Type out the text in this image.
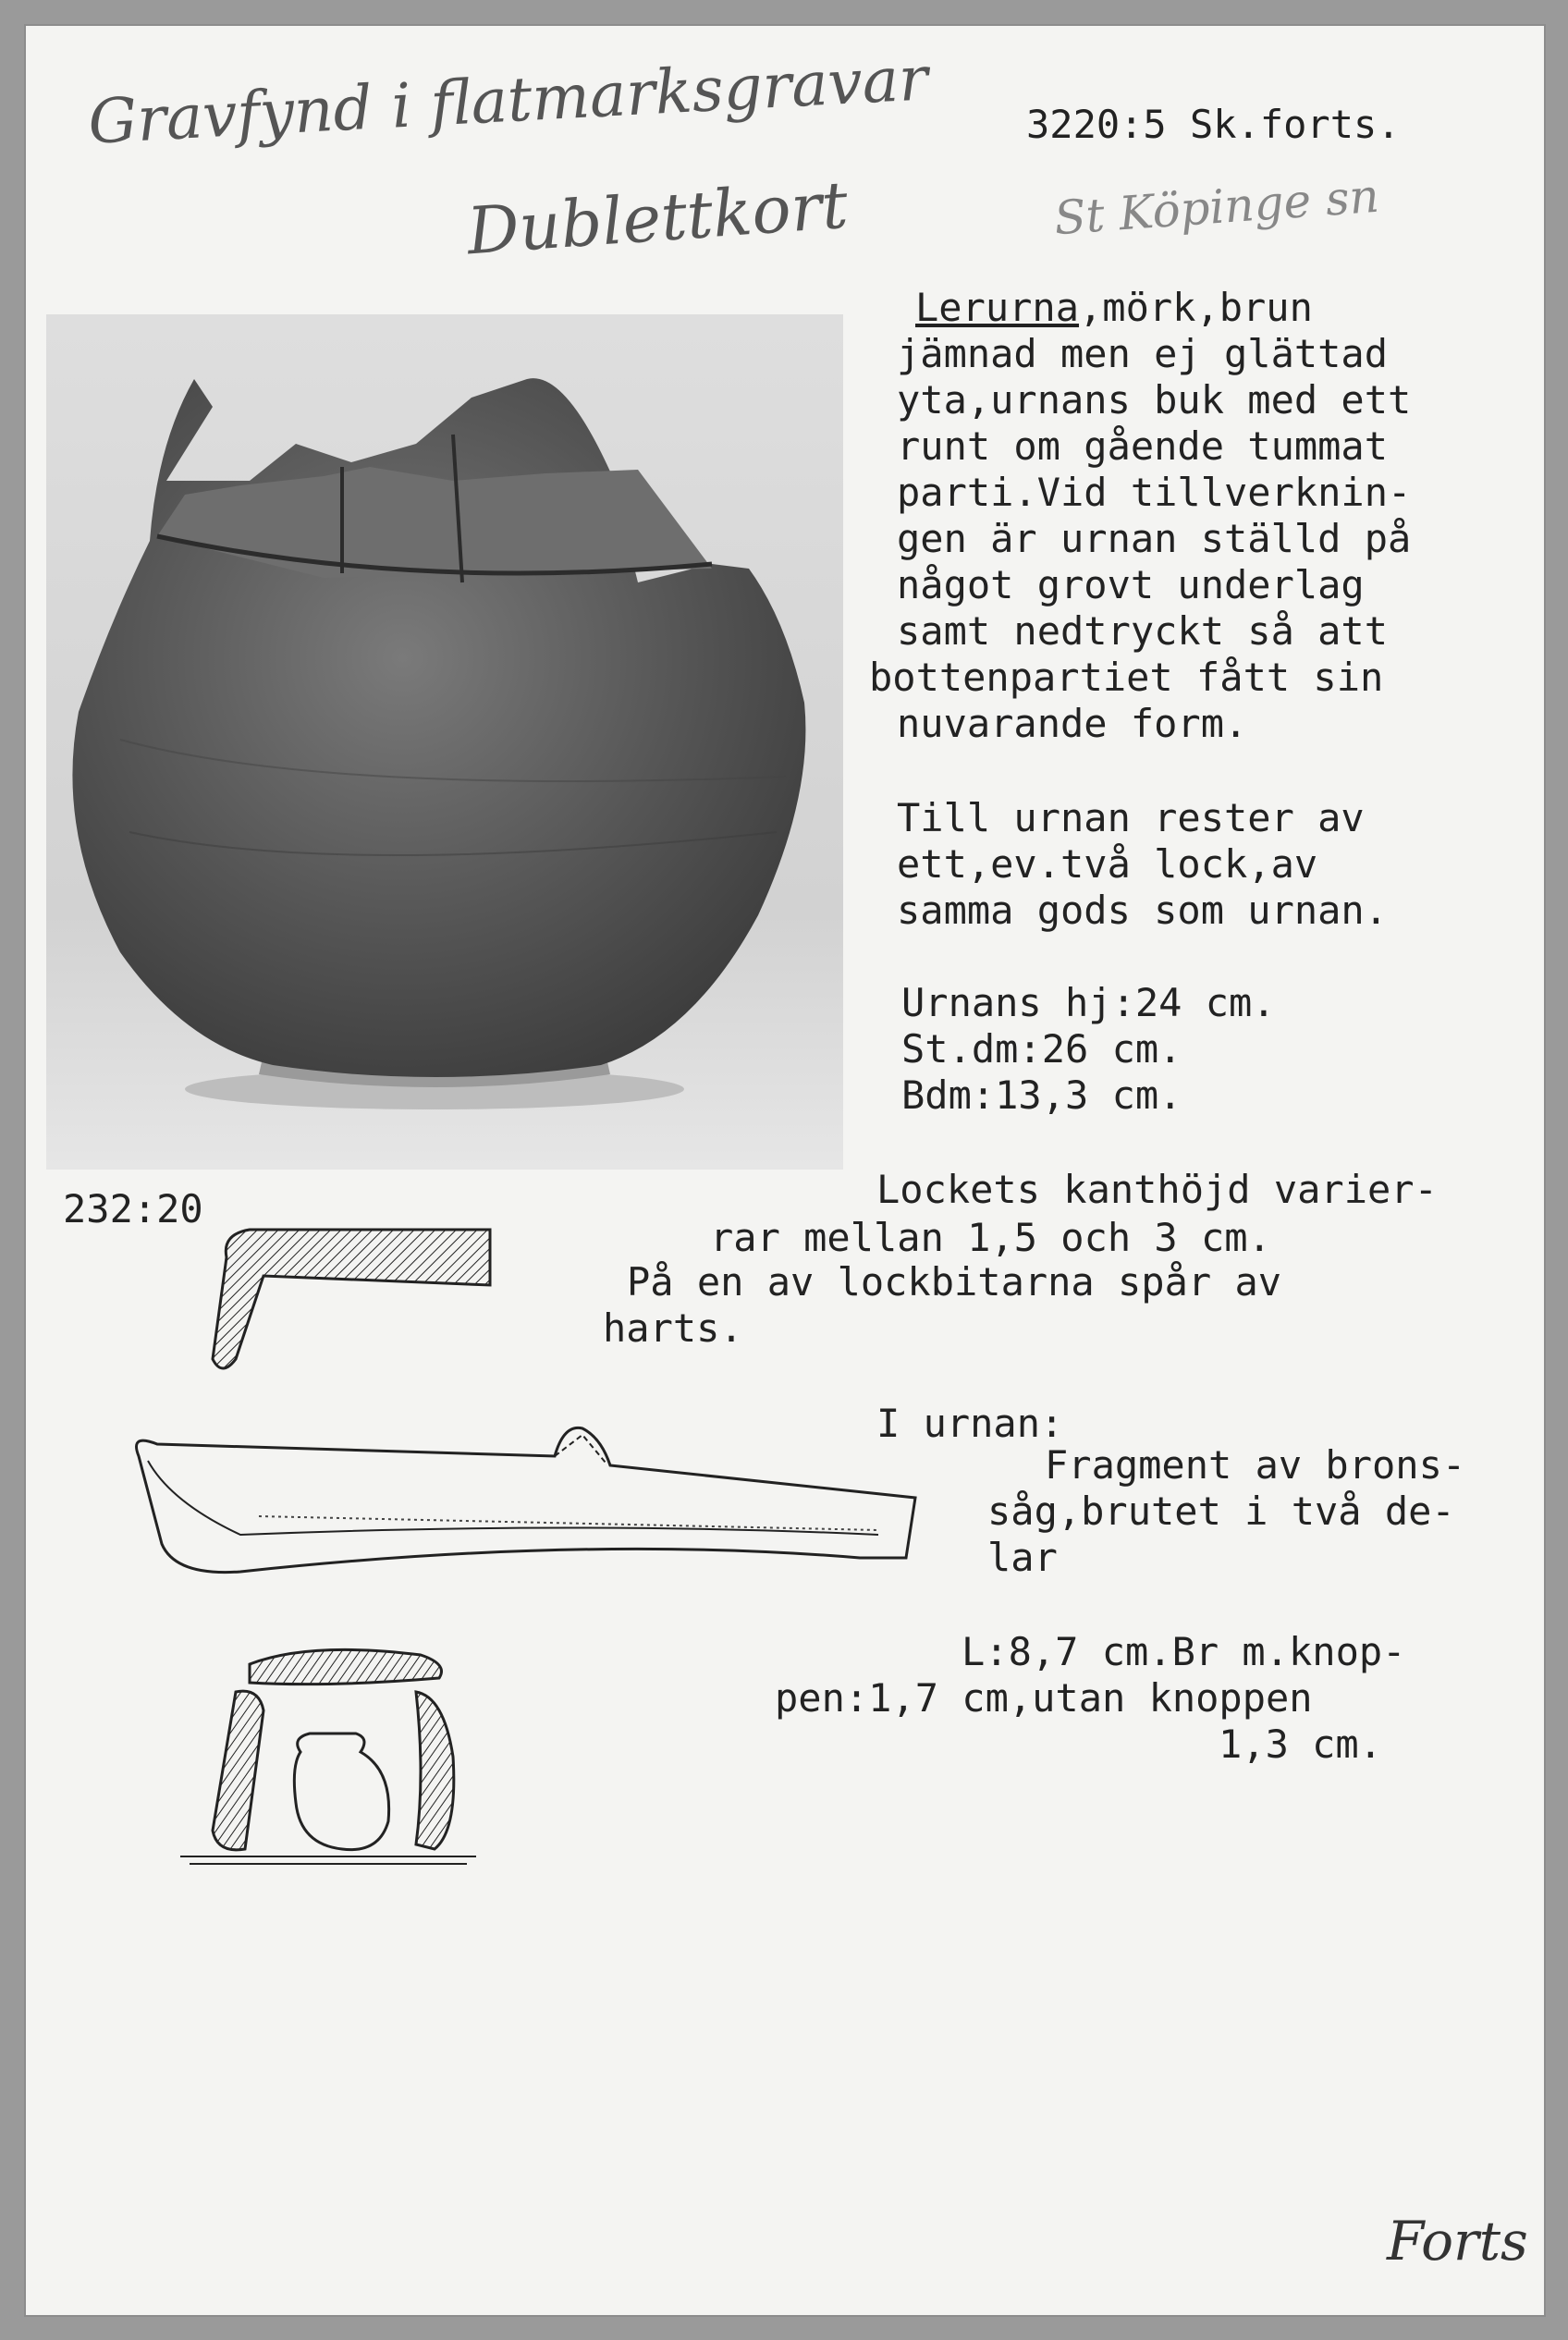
Gravfynd i flatmarksgravar
Dublettkort	St Köpinge sn
Forts
3220:5 Sk.forts.
Lerurna,mörk,brun
jämnad men ej glättad
yta,urnans buk med ett
runt om gående tummat
parti.Vid tillverknin-
gen är urnan ställd på
något grovt underlag
samt nedtryckt så att
bottenpartiet fått sin
nuvarande form.
Till urnan rester av
ett,ev.två lock,av
samma gods som urnan.
Urnans hj:24 cm.
St.dm:26 cm.
Bdm:13,3 cm.
232:20	Lockets kanthöjd varier-
rar mellan 1,5 och 3 cm.
På en av lockbitarna spår av
harts.
I urnan:
Fragment av brons-
såg,brutet i två de-
lar
L:8,7 cm.Br m.knop-
pen:1,7 cm,utan knoppen
1,3 cm.
